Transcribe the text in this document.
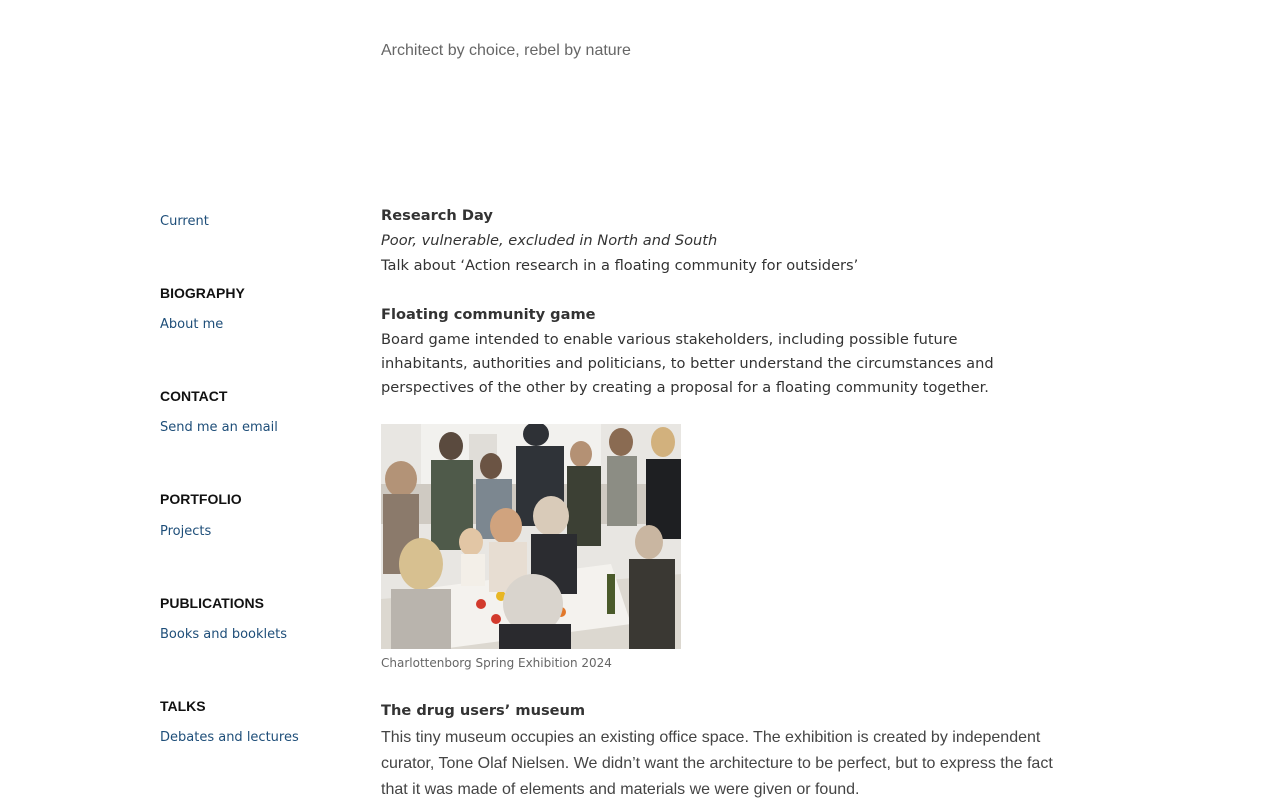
Architect by choice, rebel by nature
Current
BIOGRAPHY
About me
CONTACT
Send me an email
PORTFOLIO
Projects
PUBLICATIONS
Books and booklets
TALKS
Debates and lectures
Research Day
Poor, vulnerable, excluded in North and South
Talk about ‘Action research in a floating community for outsiders’
Floating community game
Board game intended to enable various stakeholders, including possible future inhabitants, authorities and politicians, to better understand the circumstances and perspectives of the other by creating a proposal for a floating community together.
Charlottenborg Spring Exhibition 2024
The drug users’ museum
This tiny museum occupies an existing office space. The exhibition is created by independent curator, Tone Olaf Nielsen. We didn’t want the architecture to be perfect, but to express the fact that it was made of elements and materials we were given or found.
